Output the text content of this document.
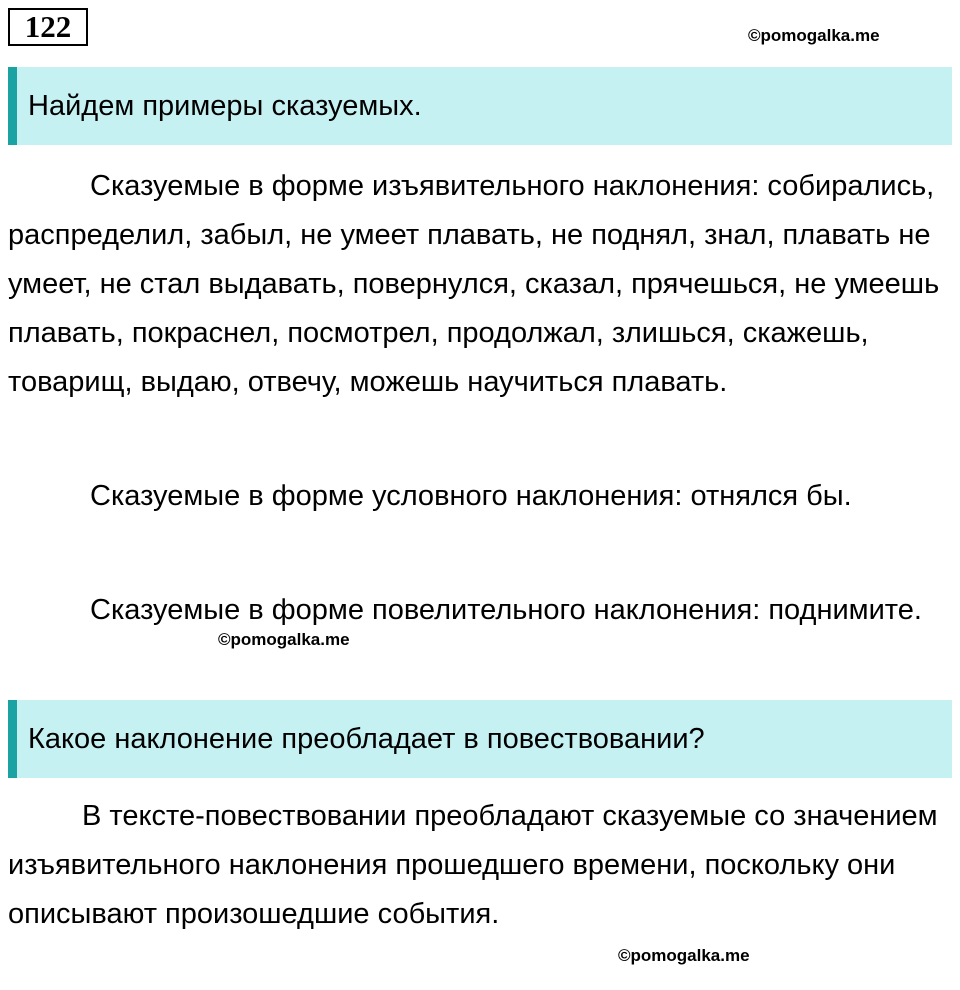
122	©pomogalka.me
Найдем примеры сказуемых.

Сказуемые в форме изъявительного наклонения: собирались, распределил, забыл, не умеет плавать, не поднял, знал, плавать не умеет, не стал выдавать, повернулся, сказал, прячешься, не умеешь плавать, покраснел, посмотрел, продолжал, злишься, скажешь, товарищ, выдаю, отвечу, можешь научиться плавать.

Сказуемые в форме условного наклонения: отнялся бы.

Сказуемые в форме повелительного наклонения: поднимите.

©pomogalka.me
Какое наклонение преобладает в повествовании?

В тексте-повествовании преобладают сказуемые со значением изъявительного наклонения прошедшего времени, поскольку они описывают произошедшие события.

©pomogalka.me
